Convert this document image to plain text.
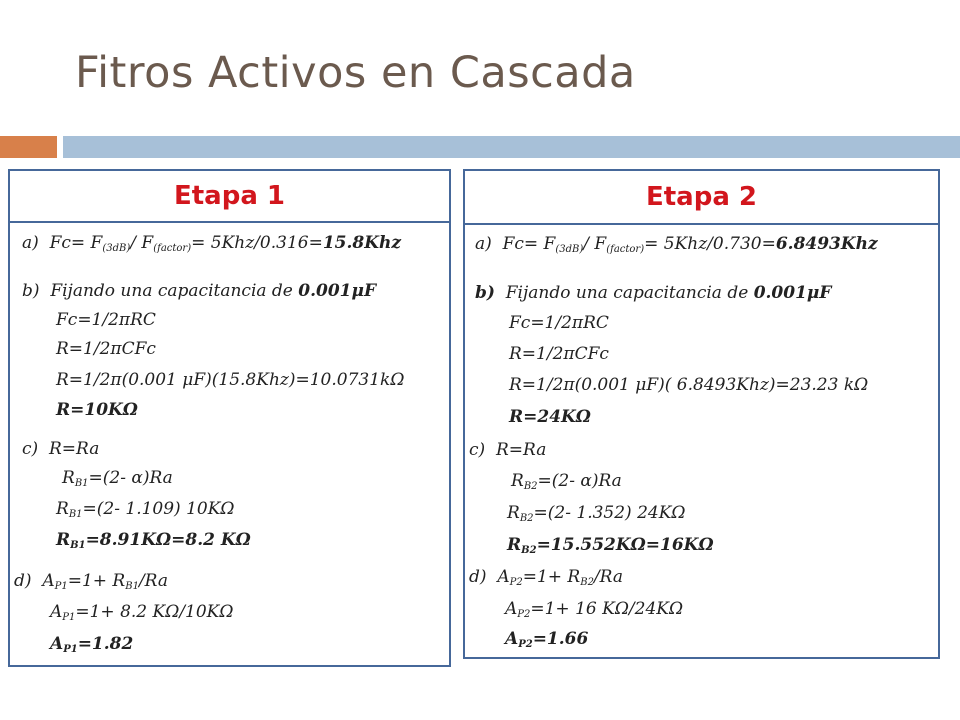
Fitros Activos en Cascada
Etapa 1
a) $Fc= F_{(3dB)}/$ $F_{(factor)}= 5Khz/0.316=15.8Khz$
b) Fijando una capacitancia de 0.001μF
Fc=1/2πRC
R=1/2πCFc
R=1/2π(0.001 μF)(15.8Khz)=10.0731kΩ
R=10KΩ
c) R=Ra
$R_{B1}=(2-$ α)Ra
$R_{B1}=(2-$ 1.109) 10KΩ
$R_{B1}=8.91K\Omega=8.2$ KΩ
d) $A_{P1}=1+ R_{B1}/Ra$
$A_{P1}=1+ 8.2$ KΩ/10KΩ
$A_{P1}=1.82$
Etapa 2
a) $Fc= F_{(3dB)}/$ $F_{(factor)}= 5Khz/0.730=6.8493Khz$
b) Fijando una capacitancia de 0.001μF
Fc=1/2πRC
R=1/2πCFc
R=1/2π(0.001 μF)( 6.8493Khz)=23.23 kΩ
R=24KΩ
c) R=Ra
$R_{B2}=(2-$ α)Ra
$R_{B2}=(2-$ 1.352) 24KΩ
$R_{B2}=15.552K\Omega=16K\Omega$
d) $A_{P2}=1+ R_{B2}/Ra$
$A_{P2}=1+ 16$ KΩ/24KΩ
$A_{P2}=1.66$
